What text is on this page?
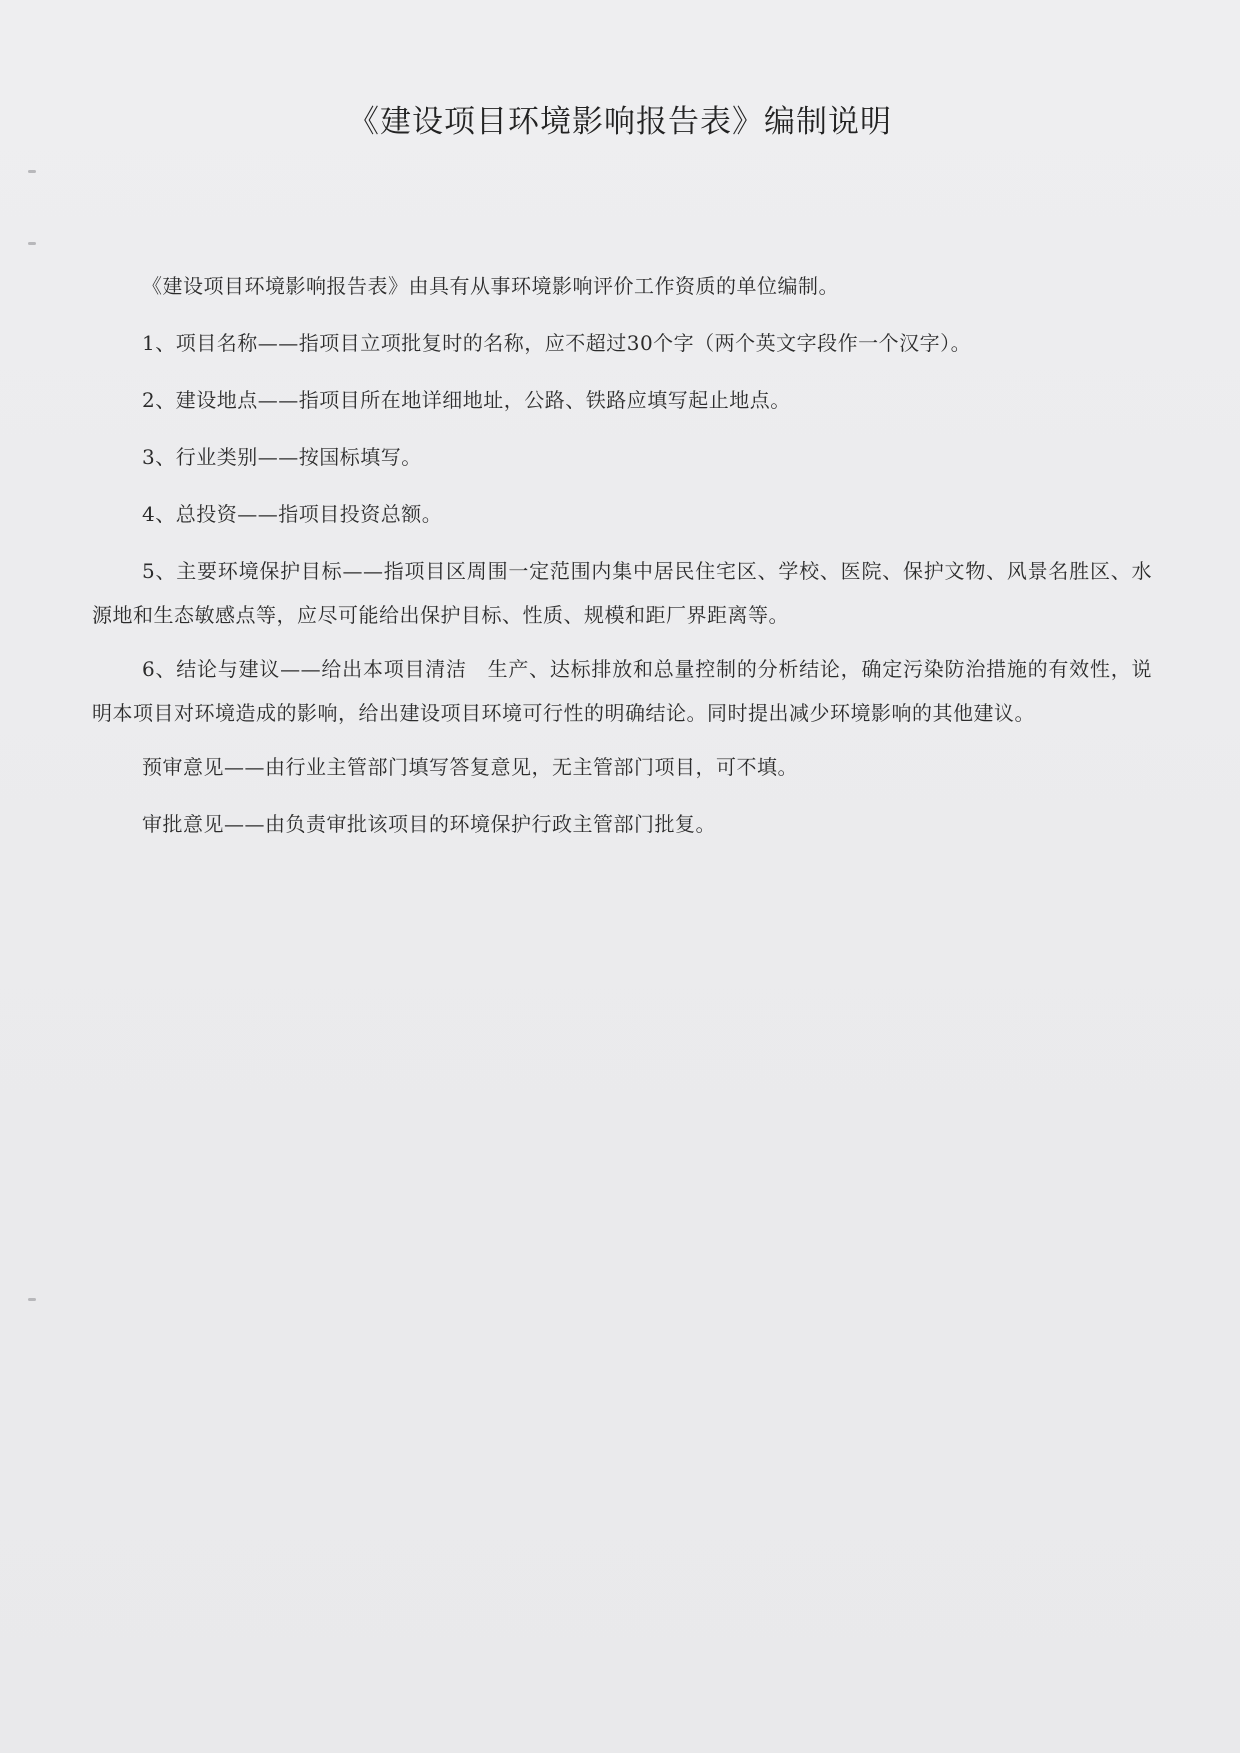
《建设项目环境影响报告表》编制说明

《建设项目环境影响报告表》由具有从事环境影响评价工作资质的单位编制。

1、项目名称——指项目立项批复时的名称，应不超过30个字（两个英文字段作一个汉字）。

2、建设地点——指项目所在地详细地址，公路、铁路应填写起止地点。

3、行业类别——按国标填写。

4、总投资——指项目投资总额。

5、主要环境保护目标——指项目区周围一定范围内集中居民住宅区、学校、医院、保护文物、风景名胜区、水源地和生态敏感点等，应尽可能给出保护目标、性质、规模和距厂界距离等。

6、结论与建议——给出本项目清洁　生产、达标排放和总量控制的分析结论，确定污染防治措施的有效性，说明本项目对环境造成的影响，给出建设项目环境可行性的明确结论。同时提出减少环境影响的其他建议。

预审意见——由行业主管部门填写答复意见，无主管部门项目，可不填。

审批意见——由负责审批该项目的环境保护行政主管部门批复。
